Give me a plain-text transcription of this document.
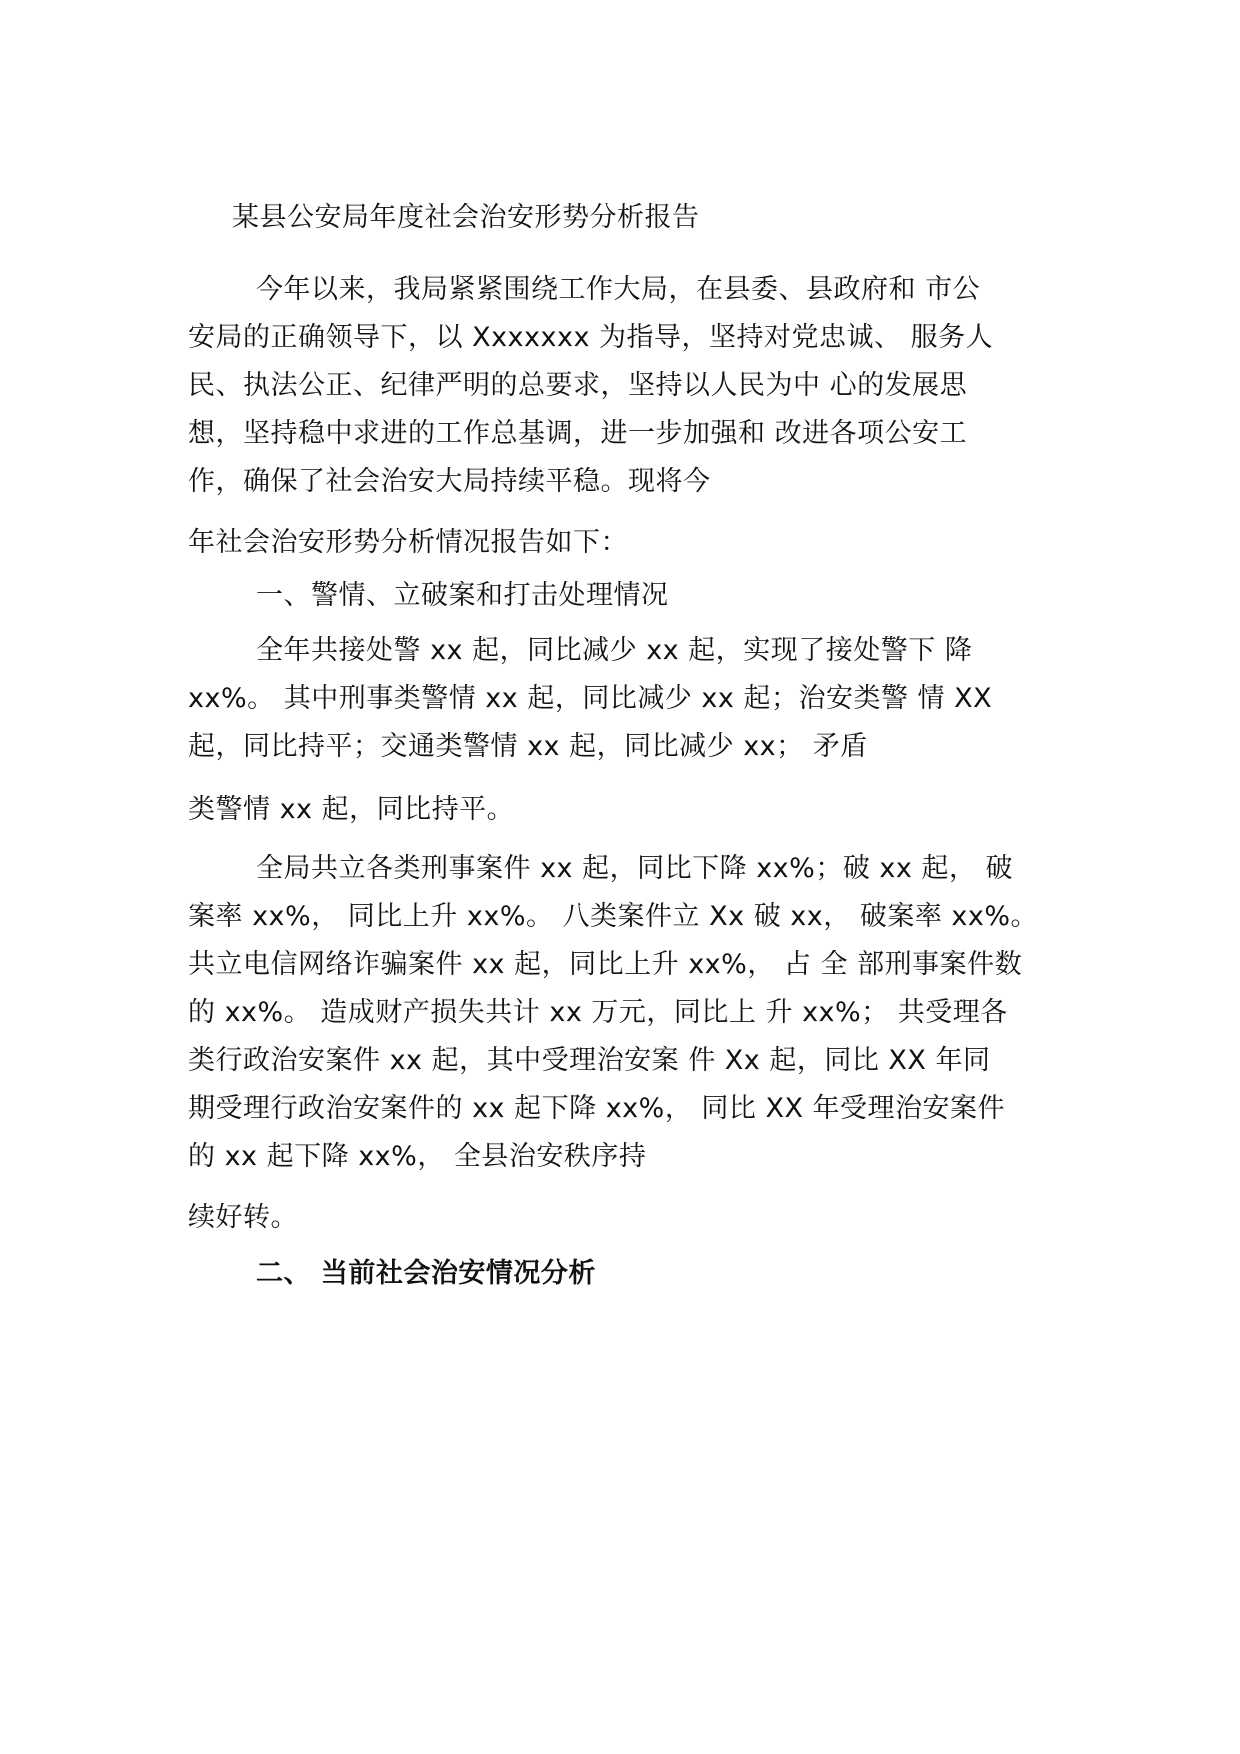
某县公安局年度社会治安形势分析报告
今年以来，我局紧紧围绕工作大局，在县委、县政府和 市公
安局的正确领导下，以 Xxxxxxx 为指导，坚持对党忠诚、 服务人
民、执法公正、纪律严明的总要求，坚持以人民为中 心的发展思
想，坚持稳中求进的工作总基调，进一步加强和 改进各项公安工
作，确保了社会治安大局持续平稳。现将今
年社会治安形势分析情况报告如下：
一、警情、立破案和打击处理情况
全年共接处警 xx 起，同比减少 xx 起，实现了接处警下 降
xx%。 其中刑事类警情 xx 起，同比减少 xx 起；治安类警 情 XX
起，同比持平；交通类警情 xx 起，同比减少 xx； 矛盾
类警情 xx 起，同比持平。
全局共立各类刑事案件 xx 起，同比下降 xx%；破 xx 起， 破
案率 xx%， 同比上升 xx%。 八类案件立 Xx 破 xx， 破案率 xx%。
共立电信网络诈骗案件 xx 起，同比上升 xx%， 占 全 部刑事案件数
的 xx%。 造成财产损失共计 xx 万元，同比上 升 xx%； 共受理各
类行政治安案件 xx 起，其中受理治安案 件 Xx 起，同比 XX 年同
期受理行政治安案件的 xx 起下降 xx%， 同比 XX 年受理治安案件
的 xx 起下降 xx%， 全县治安秩序持
续好转。
二、 当前社会治安情况分析
